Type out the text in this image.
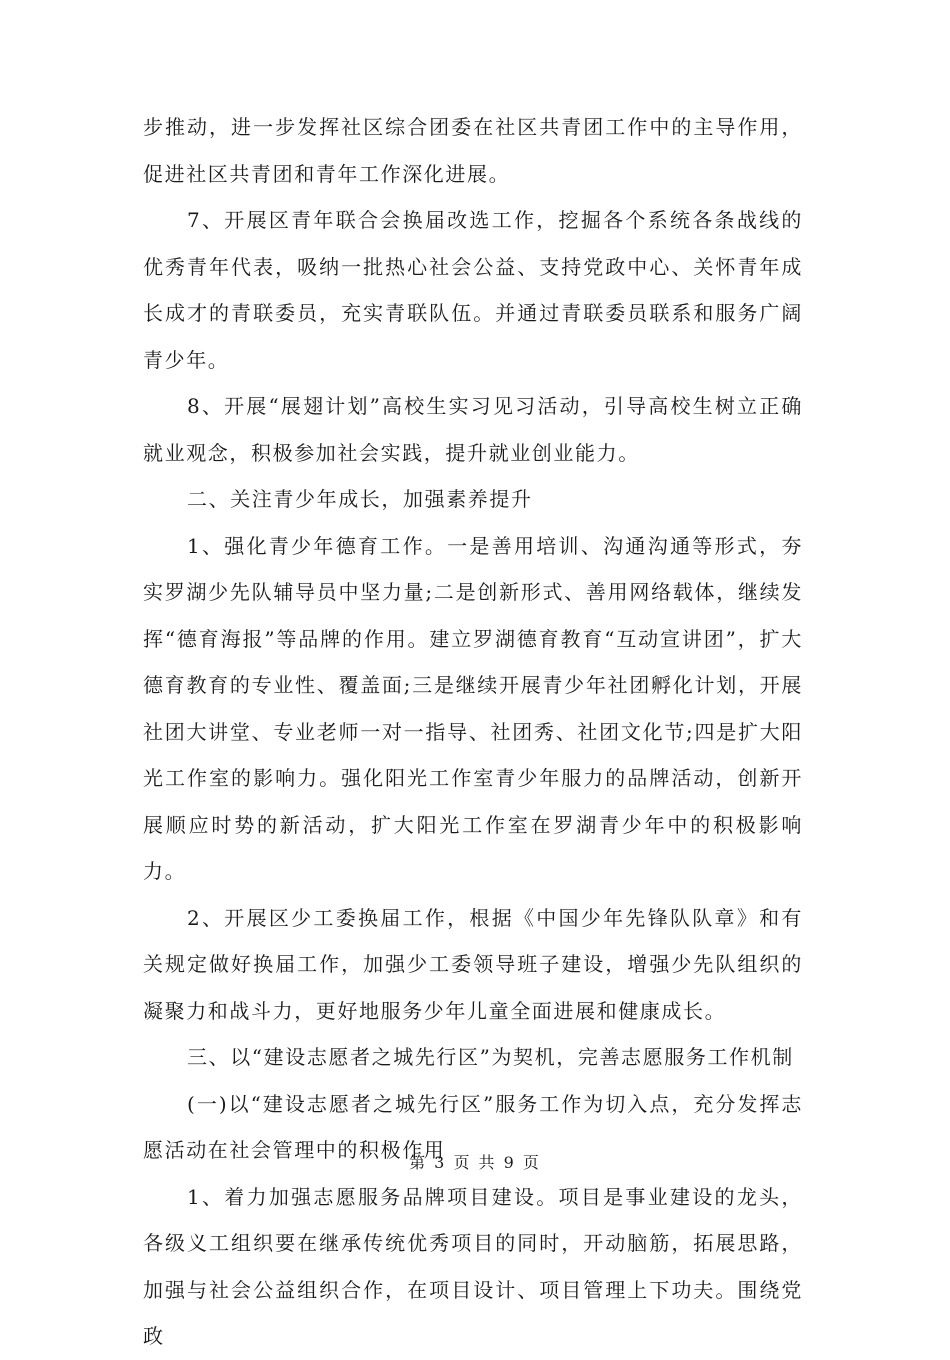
步推动，进一步发挥社区综合团委在社区共青团工作中的主导作用，促进社区共青团和青年工作深化进展。

7、开展区青年联合会换届改选工作，挖掘各个系统各条战线的优秀青年代表，吸纳一批热心社会公益、支持党政中心、关怀青年成长成才的青联委员，充实青联队伍。并通过青联委员联系和服务广阔青少年。

8、开展“展翅计划”高校生实习见习活动，引导高校生树立正确就业观念，积极参加社会实践，提升就业创业能力。

二、关注青少年成长，加强素养提升

1、强化青少年德育工作。一是善用培训、沟通沟通等形式，夯实罗湖少先队辅导员中坚力量;二是创新形式、善用网络载体，继续发挥“德育海报”等品牌的作用。建立罗湖德育教育“互动宣讲团”，扩大德育教育的专业性、覆盖面;三是继续开展青少年社团孵化计划，开展社团大讲堂、专业老师一对一指导、社团秀、社团文化节;四是扩大阳光工作室的影响力。强化阳光工作室青少年服力的品牌活动，创新开展顺应时势的新活动，扩大阳光工作室在罗湖青少年中的积极影响力。

2、开展区少工委换届工作，根据《中国少年先锋队队章》和有关规定做好换届工作，加强少工委领导班子建设，增强少先队组织的凝聚力和战斗力，更好地服务少年儿童全面进展和健康成长。

三、以“建设志愿者之城先行区”为契机，完善志愿服务工作机制

(一)以“建设志愿者之城先行区”服务工作为切入点，充分发挥志愿活动在社会管理中的积极作用

1、着力加强志愿服务品牌项目建设。项目是事业建设的龙头，各级义工组织要在继承传统优秀项目的同时，开动脑筋，拓展思路，加强与社会公益组织合作，在项目设计、项目管理上下功夫。围绕党政

第 3 页 共 9 页
